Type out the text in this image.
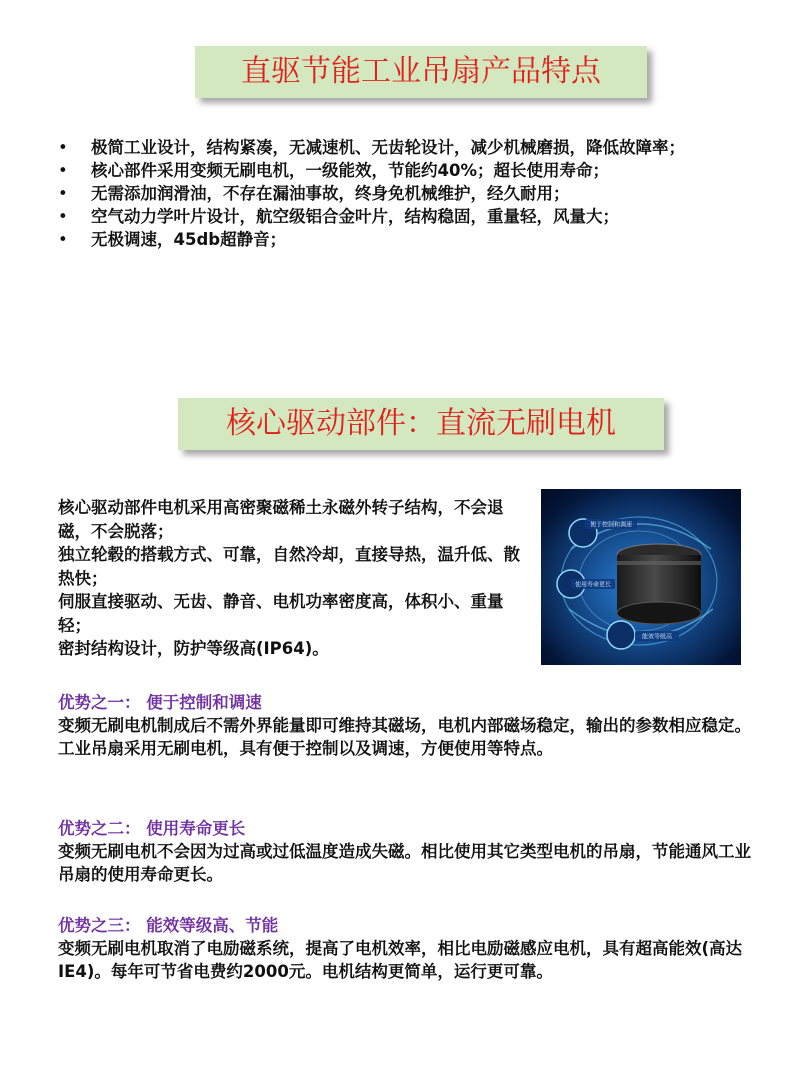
直驱节能工业吊扇产品特点
• 极简工业设计，结构紧凑，无减速机、无齿轮设计，减少机械磨损，降低故障率；
• 核心部件采用变频无刷电机，一级能效，节能约40%；超长使用寿命；
• 无需添加润滑油，不存在漏油事故，终身免机械维护，经久耐用；
• 空气动力学叶片设计，航空级铝合金叶片，结构稳固，重量轻，风量大；
• 无极调速，45db超静音；
核心驱动部件：直流无刷电机

核心驱动部件电机采用高密聚磁稀土永磁外转子结构，不会退磁，不会脱落；

独立轮毂的搭载方式、可靠，自然冷却，直接导热，温升低、散热快；

伺服直接驱动、无齿、静音、电机功率密度高，体积小、重量轻；

密封结构设计，防护等级高(IP64)。

便于控制和调速
使用寿命更长
能效等级高
优势之一： 便于控制和调速

变频无刷电机制成后不需外界能量即可维持其磁场，电机内部磁场稳定，输出的参数相应稳定。

工业吊扇采用无刷电机，具有便于控制以及调速，方便使用等特点。

优势之二： 使用寿命更长

变频无刷电机不会因为过高或过低温度造成失磁。相比使用其它类型电机的吊扇，节能通风工业吊扇的使用寿命更长。

优势之三： 能效等级高、节能

变频无刷电机取消了电励磁系统，提高了电机效率，相比电励磁感应电机，具有超高能效(高达IE4)。每年可节省电费约2000元。电机结构更简单，运行更可靠。
